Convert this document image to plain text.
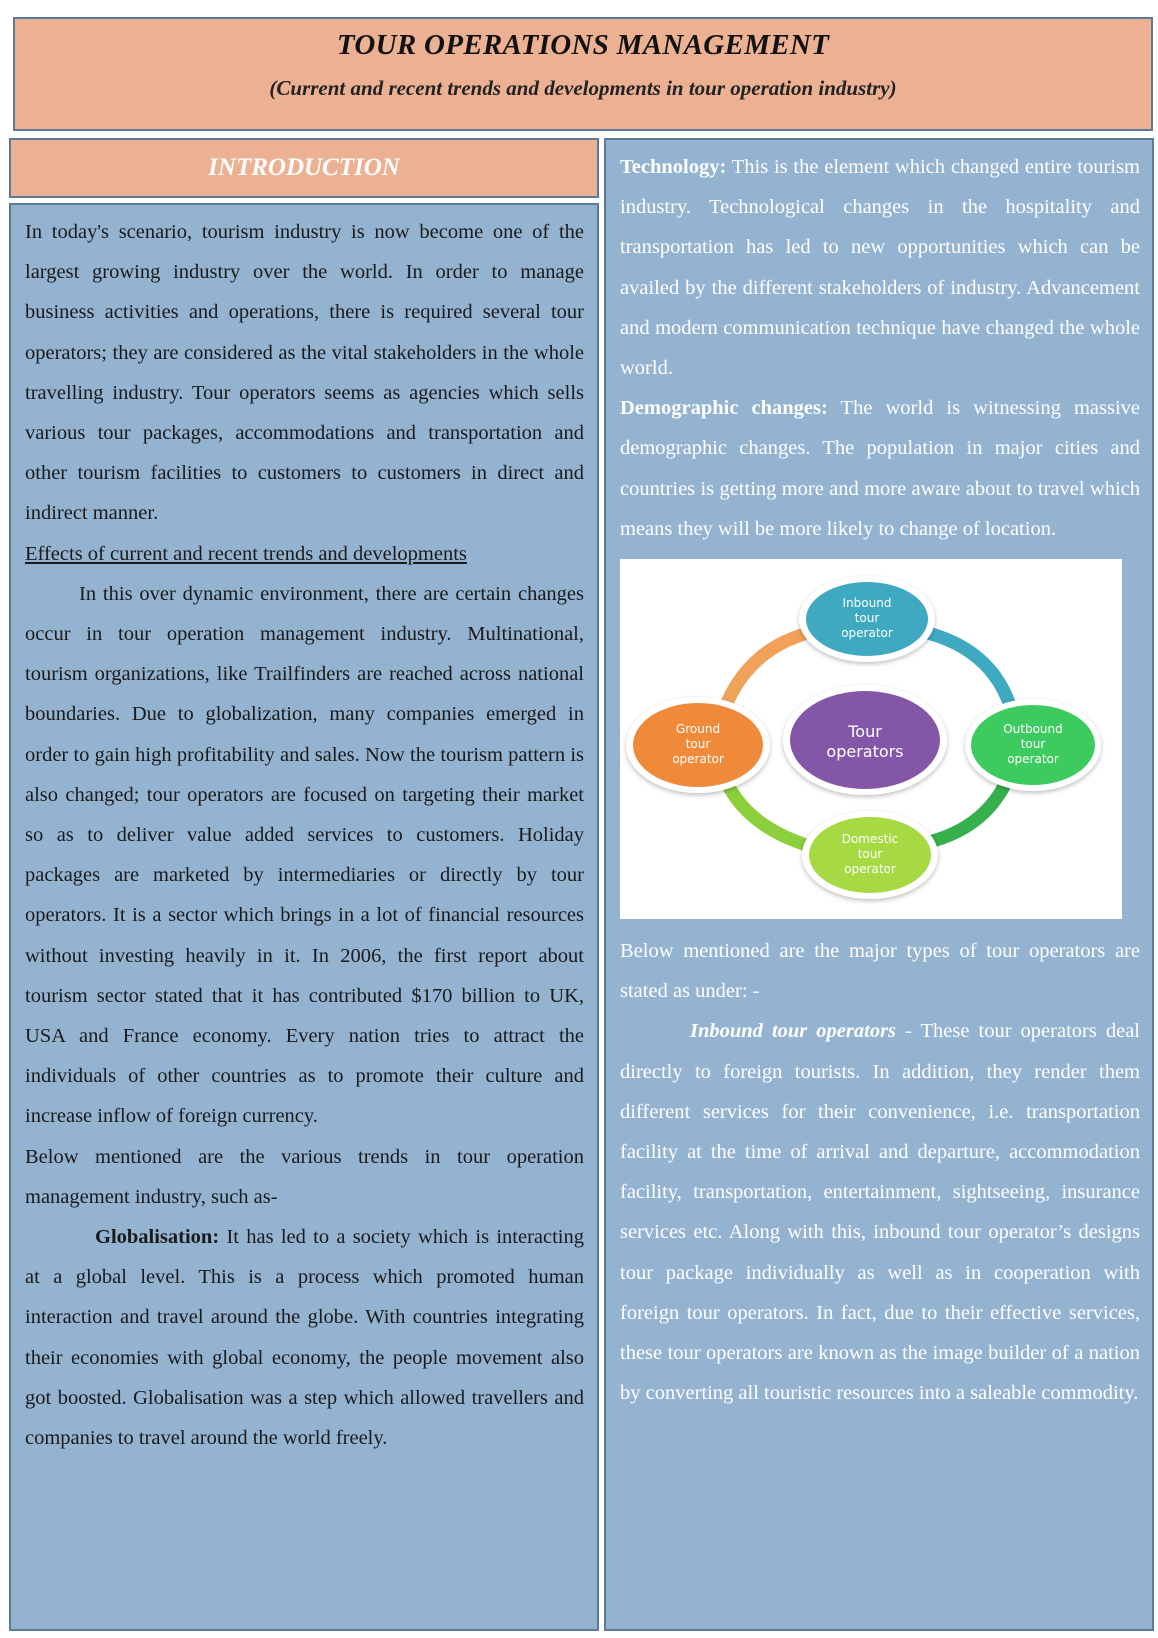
TOUR OPERATIONS MANAGEMENT
(Current and recent trends and developments in tour operation industry)
INTRODUCTION

In today's scenario, tourism industry is now become one of the largest growing industry over the world. In order to manage business activities and operations, there is required several tour operators; they are considered as the vital stakeholders in the whole travelling industry. Tour operators seems as agencies which sells various tour packages, accommodations and transportation and other tourism facilities to customers to customers in direct and indirect manner.

Effects of current and recent trends and developments

In this over dynamic environment, there are certain changes occur in tour operation management industry. Multinational, tourism organizations, like Trailfinders are reached across national boundaries. Due to globalization, many companies emerged in order to gain high profitability and sales. Now the tourism pattern is also changed; tour operators are focused on targeting their market so as to deliver value added services to customers. Holiday packages are marketed by intermediaries or directly by tour operators. It is a sector which brings in a lot of financial resources without investing heavily in it. In 2006, the first report about tourism sector stated that it has contributed $170 billion to UK, USA and France economy. Every nation tries to attract the individuals of other countries as to promote their culture and increase inflow of foreign currency.

Below mentioned are the various trends in tour operation management industry, such as-

Globalisation: It has led to a society which is interacting at a global level. This is a process which promoted human interaction and travel around the globe. With countries integrating their economies with global economy, the people movement also got boosted. Globalisation was a step which allowed travellers and companies to travel around the world freely.

Technology: This is the element which changed entire tourism industry. Technological changes in the hospitality and transportation has led to new opportunities which can be availed by the different stakeholders of industry. Advancement and modern communication technique have changed the whole world.

Demographic changes: The world is witnessing massive demographic changes. The population in major cities and countries is getting more and more aware about to travel which means they will be more likely to change of location.

Inbound
tour
operator
Ground
tour
operator
Outbound
tour
operator
Domestic
tour
operator
Tour
operators

Below mentioned are the major types of tour operators are stated as under: -

Inbound tour operators - These tour operators deal directly to foreign tourists. In addition, they render them different services for their convenience, i.e. transportation facility at the time of arrival and departure, accommodation facility, transportation, entertainment, sightseeing, insurance services etc. Along with this, inbound tour operator’s designs tour package individually as well as in cooperation with foreign tour operators. In fact, due to their effective services, these tour operators are known as the image builder of a nation by converting all touristic resources into a saleable commodity.
